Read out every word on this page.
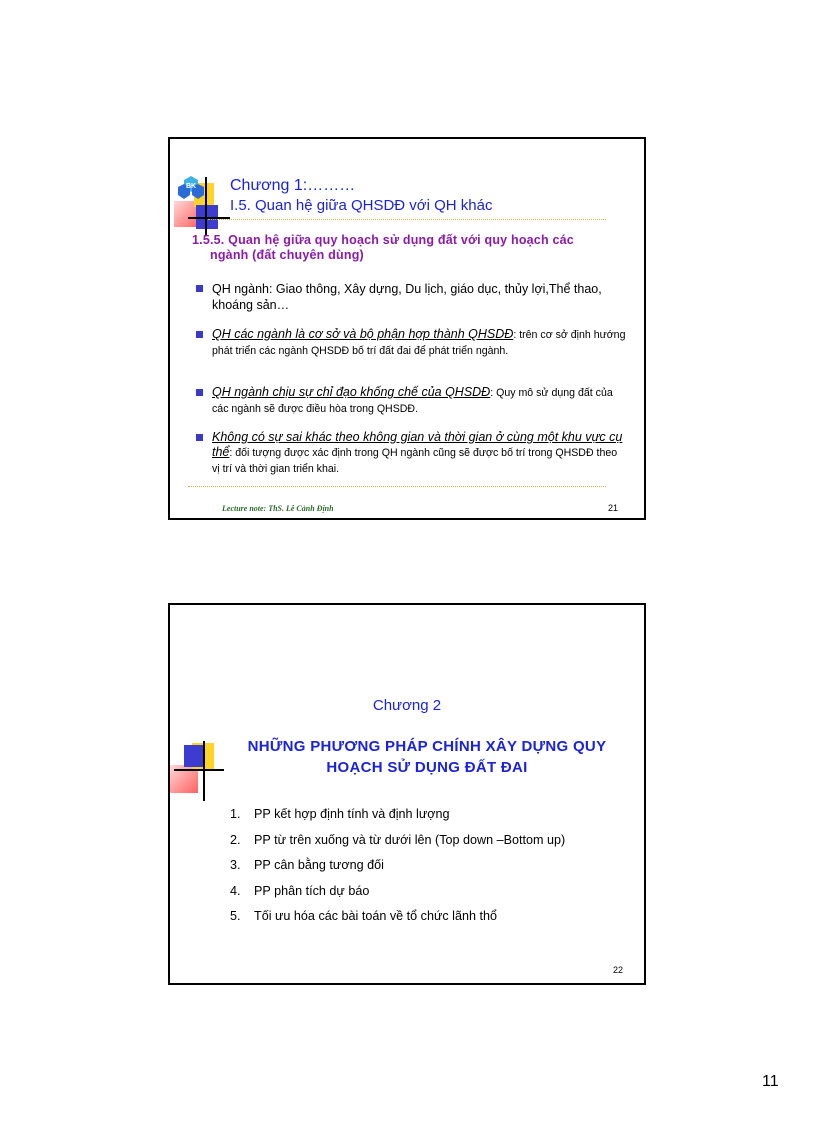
BK Chương 1:………
I.5. Quan hệ giữa QHSDĐ với QH khác
1.5.5. Quan hệ giữa quy hoạch sử dụng đất với quy hoạch các
ngành (đất chuyên dùng)
QH ngành: Giao thông, Xây dựng, Du lịch, giáo dục, thủy lợi,Thể thao, khoáng sản…
QH các ngành là cơ sở và bộ phận hợp thành QHSDĐ: trên cơ sở định hướng phát triển các ngành QHSDĐ bố trí đất đai để phát triển ngành.
QH ngành chịu sự chỉ đạo khống chế của QHSDĐ: Quy mô sử dụng đất của các ngành sẽ được điều hòa trong QHSDĐ.
Không có sự sai khác theo không gian và thời gian ở cùng một khu vực cụ thể: đối tượng được xác định trong QH ngành cũng sẽ được bố trí trong QHSDĐ theo vị trí và thời gian triển khai.
Lecture note: ThS. Lê Cảnh Định	21
Chương 2
NHỮNG PHƯƠNG PHÁP CHÍNH XÂY DỰNG QUY
HOẠCH SỬ DỤNG ĐẤT ĐAI
1. PP kết hợp định tính và định lượng
2. PP từ trên xuống và từ dưới lên (Top down –Bottom up)
3. PP cân bằng tương đối
4. PP phân tích dự báo
5. Tối ưu hóa các bài toán về tổ chức lãnh thổ
22
11
